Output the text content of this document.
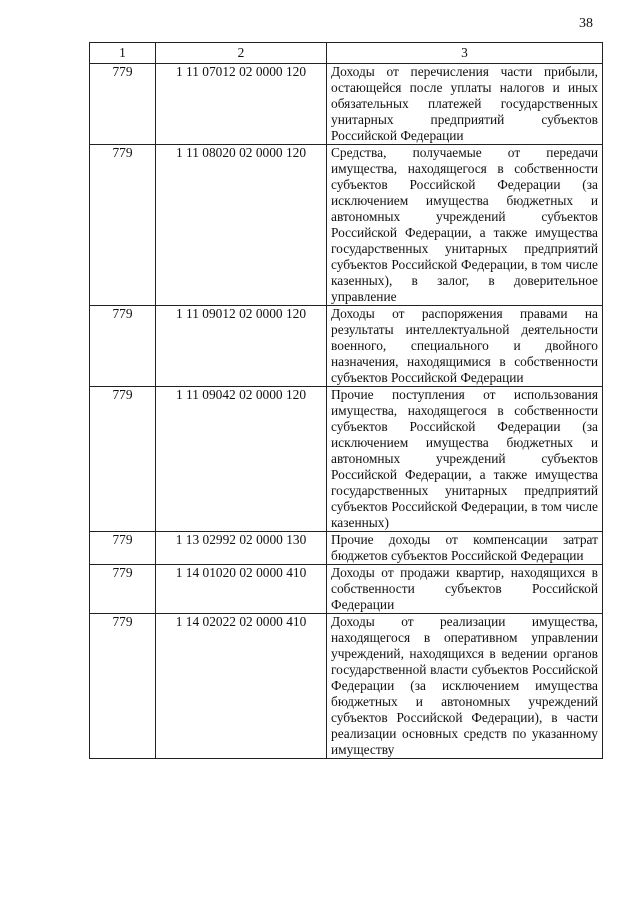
38
1	2	3
779	1 11 07012 02 0000 120	Доходы от перечисления части прибыли, остающейся после уплаты налогов и иных обязательных платежей государственных унитарных предприятий субъектов Российской Федерации
779	1 11 08020 02 0000 120	Средства, получаемые от передачи имущества, находящегося в собственности субъектов Российской Федерации (за исключением имущества бюджетных и автономных учреждений субъектов Российской Федерации, а также имущества государственных унитарных предприятий субъектов Российской Федерации, в том числе казенных), в залог, в доверительное управление
779	1 11 09012 02 0000 120	Доходы от распоряжения правами на результаты интеллектуальной деятельности военного, специального и двойного назначения, находящимися в собственности субъектов Российской Федерации
779	1 11 09042 02 0000 120	Прочие поступления от использования имущества, находящегося в собственности субъектов Российской Федерации (за исключением имущества бюджетных и автономных учреждений субъектов Российской Федерации, а также имущества государственных унитарных предприятий субъектов Российской Федерации, в том числе казенных)
779	1 13 02992 02 0000 130	Прочие доходы от компенсации затрат бюджетов субъектов Российской Федерации
779	1 14 01020 02 0000 410	Доходы от продажи квартир, находящихся в собственности субъектов Российской Федерации
779	1 14 02022 02 0000 410	Доходы от реализации имущества, находящегося в оперативном управлении учреждений, находящихся в ведении органов государственной власти субъектов Российской Федерации (за исключением имущества бюджетных и автономных учреждений субъектов Российской Федерации), в части реализации основных средств по указанному имуществу
